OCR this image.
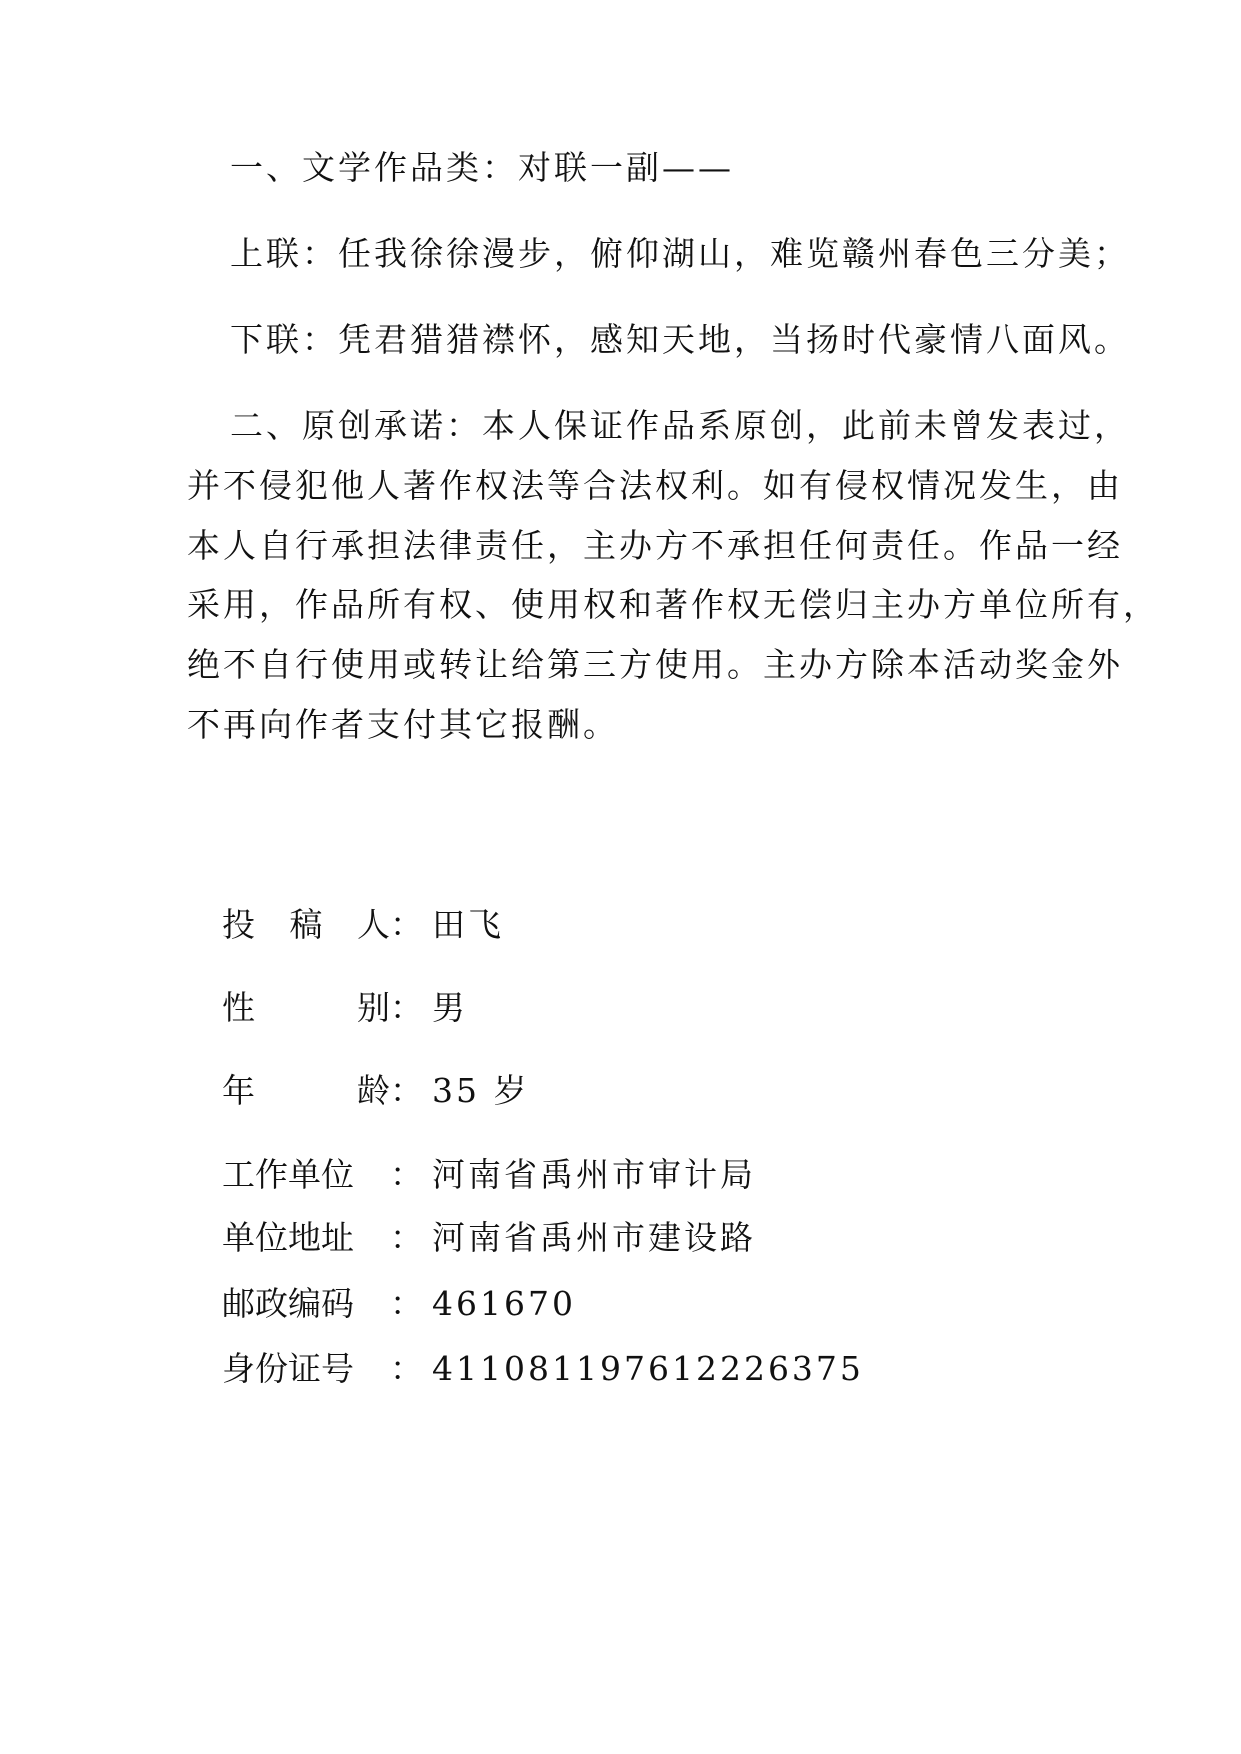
一、文学作品类：对联一副——
上联：任我徐徐漫步，俯仰湖山，难览赣州春色三分美；
下联：凭君猎猎襟怀，感知天地，当扬时代豪情八面风。
二、原创承诺：本人保证作品系原创，此前未曾发表过，
并不侵犯他人著作权法等合法权利。如有侵权情况发生，由
本人自行承担法律责任，主办方不承担任何责任。作品一经
采用，作品所有权、使用权和著作权无偿归主办方单位所有，
绝不自行使用或转让给第三方使用。主办方除本活动奖金外
不再向作者支付其它报酬。
投 稿 人 ： 田飞
性	别 ： 男
年	龄 ： 35 岁
工作单位	： 河南省禹州市审计局
单位地址	： 河南省禹州市建设路
邮政编码	： 461670
身份证号	： 411081197612226375
